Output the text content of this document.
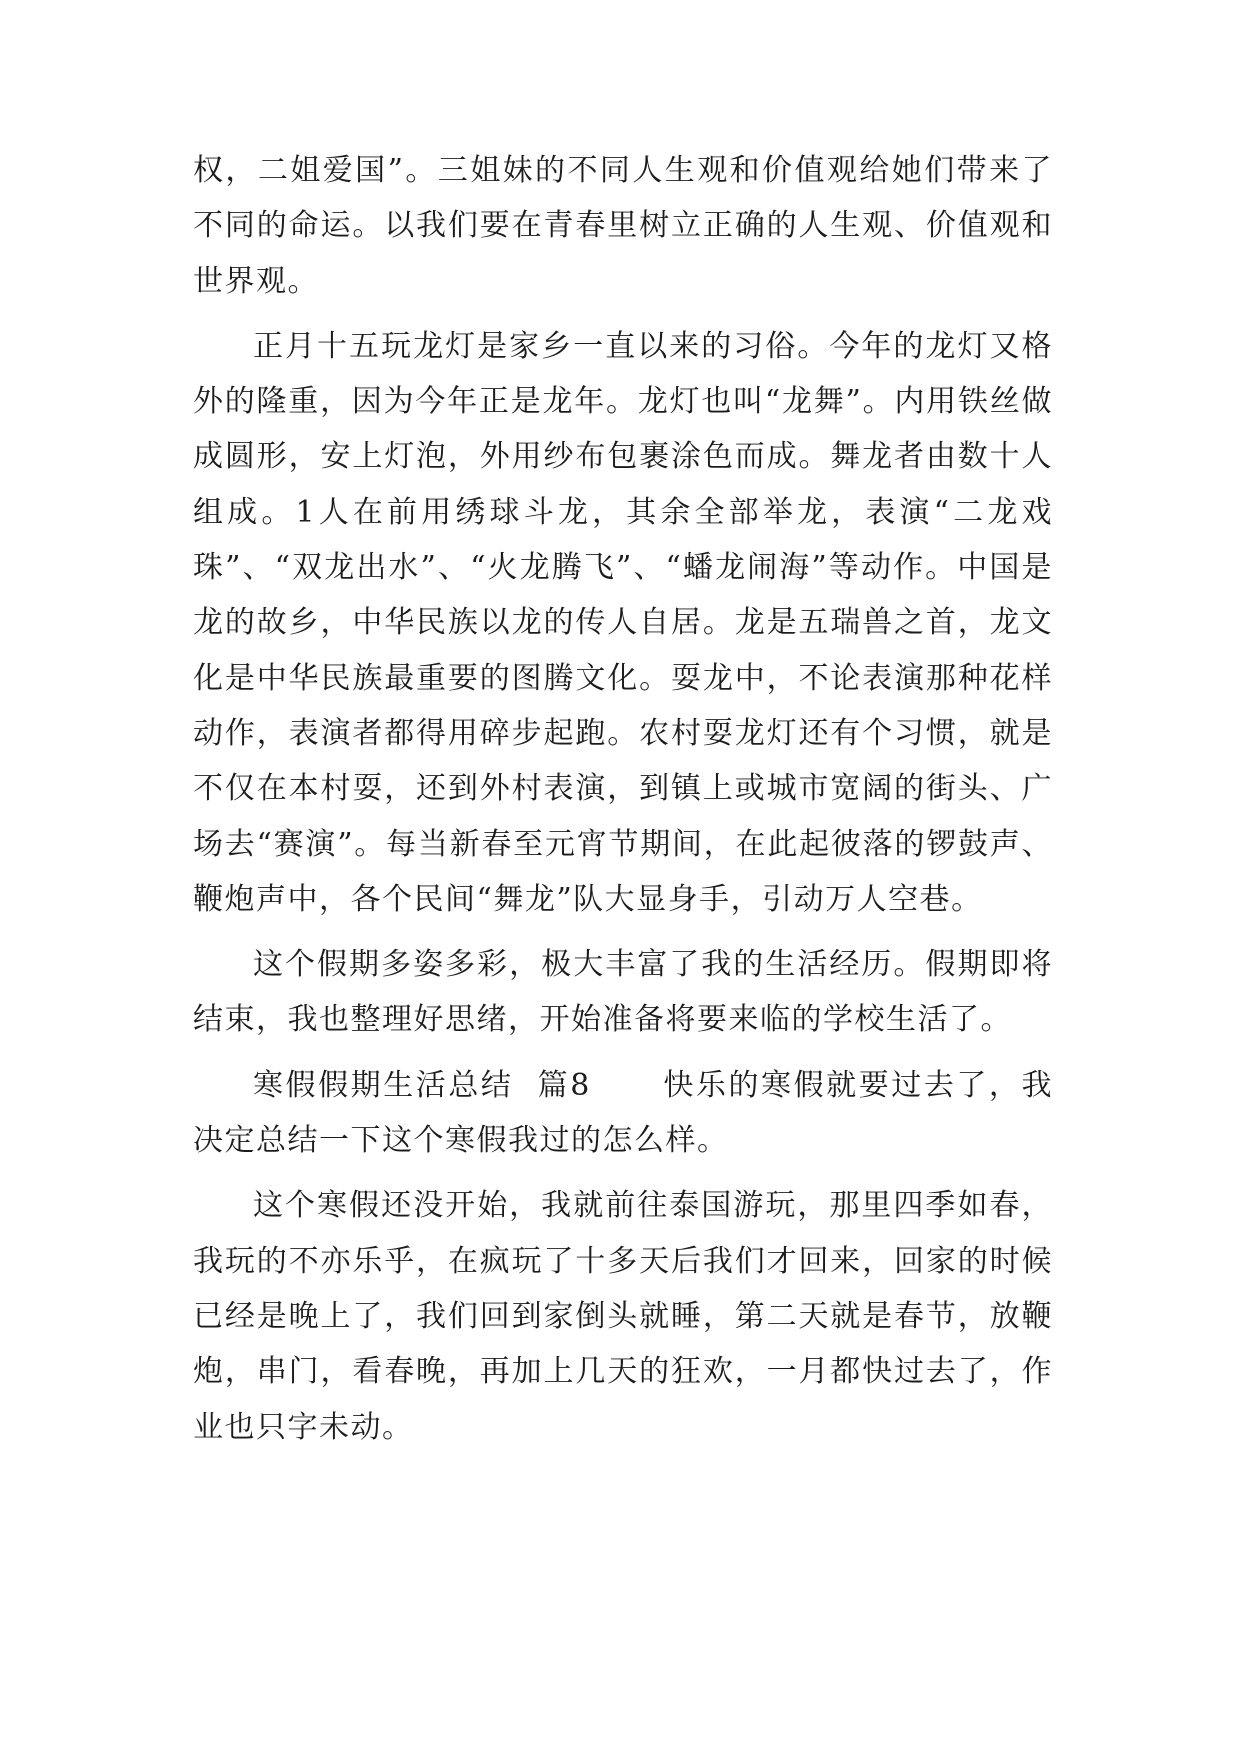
权，二姐爱国”。三姐妹的不同人生观和价值观给她们带来了不同的命运。以我们要在青春里树立正确的人生观、价值观和世界观。

正月十五玩龙灯是家乡一直以来的习俗。今年的龙灯又格外的隆重，因为今年正是龙年。龙灯也叫“龙舞”。内用铁丝做成圆形，安上灯泡，外用纱布包裹涂色而成。舞龙者由数十人组成。1人在前用绣球斗龙，其余全部举龙，表演“二龙戏珠”、“双龙出水”、“火龙腾飞”、“蟠龙闹海”等动作。中国是龙的故乡，中华民族以龙的传人自居。龙是五瑞兽之首，龙文化是中华民族最重要的图腾文化。耍龙中，不论表演那种花样动作，表演者都得用碎步起跑。农村耍龙灯还有个习惯，就是不仅在本村耍，还到外村表演，到镇上或城市宽阔的街头、广场去“赛演”。每当新春至元宵节期间，在此起彼落的锣鼓声、鞭炮声中，各个民间“舞龙”队大显身手，引动万人空巷。

这个假期多姿多彩，极大丰富了我的生活经历。假期即将结束，我也整理好思绪，开始准备将要来临的学校生活了。

寒假假期生活总结  篇8 快乐的寒假就要过去了，我决定总结一下这个寒假我过的怎么样。

这个寒假还没开始，我就前往泰国游玩，那里四季如春，我玩的不亦乐乎，在疯玩了十多天后我们才回来，回家的时候已经是晚上了，我们回到家倒头就睡，第二天就是春节，放鞭炮，串门，看春晚，再加上几天的狂欢，一月都快过去了，作业也只字未动。
